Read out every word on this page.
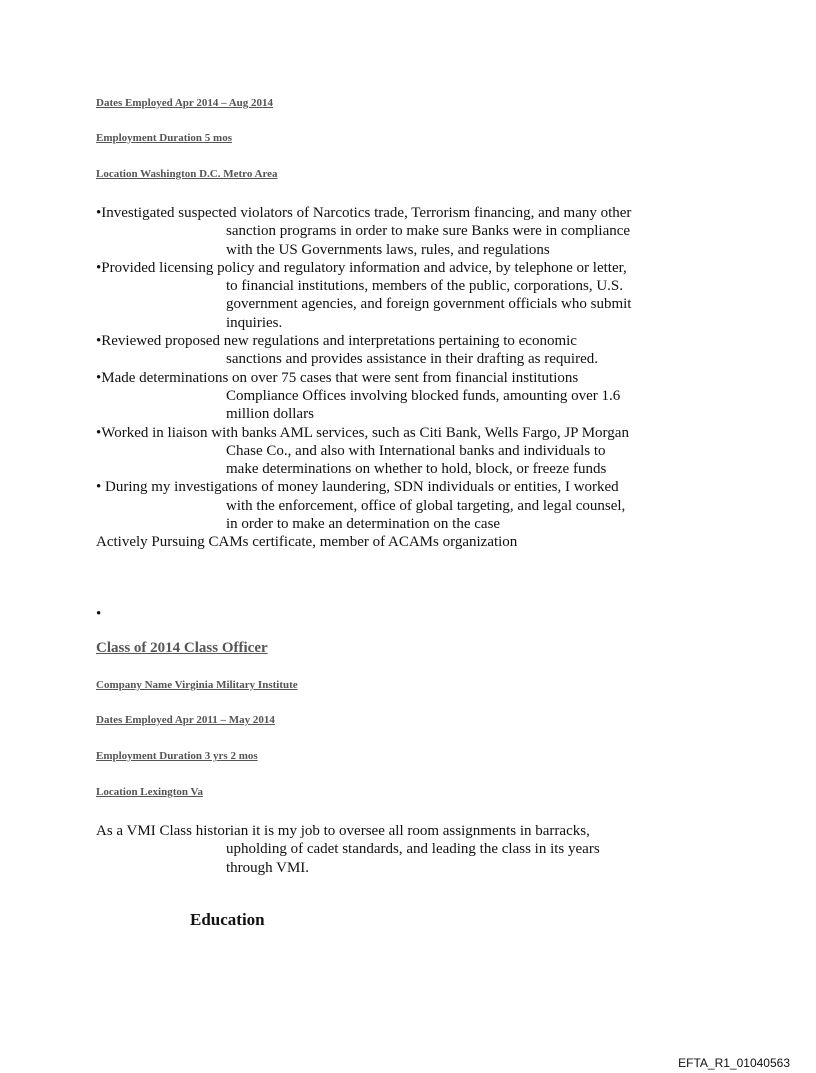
Dates Employed Apr 2014 – Aug 2014
Employment Duration 5 mos
Location Washington D.C. Metro Area

•Investigated suspected violators of Narcotics trade, Terrorism financing, and many other sanction programs in order to make sure Banks were in compliance with the US Governments laws, rules, and regulations

•Provided licensing policy and regulatory information and advice, by telephone or letter, to financial institutions, members of the public, corporations, U.S. government agencies, and foreign government officials who submit inquiries.

•Reviewed proposed new regulations and interpretations pertaining to economic sanctions and provides assistance in their drafting as required.

•Made determinations on over 75 cases that were sent from financial institutions Compliance Offices involving blocked funds, amounting over 1.6 million dollars

•Worked in liaison with banks AML services, such as Citi Bank, Wells Fargo, JP Morgan Chase Co., and also with International banks and individuals to make determinations on whether to hold, block, or freeze funds

• During my investigations of money laundering, SDN individuals or entities, I worked with the enforcement, office of global targeting, and legal counsel, in order to make an determination on the case

Actively Pursuing CAMs certificate, member of ACAMs organization

•
Class of 2014 Class Officer
Company Name Virginia Military Institute
Dates Employed Apr 2011 – May 2014
Employment Duration 3 yrs 2 mos
Location Lexington Va

As a VMI Class historian it is my job to oversee all room assignments in barracks, upholding of cadet standards, and leading the class in its years through VMI.

Education
EFTA_R1_01040563
